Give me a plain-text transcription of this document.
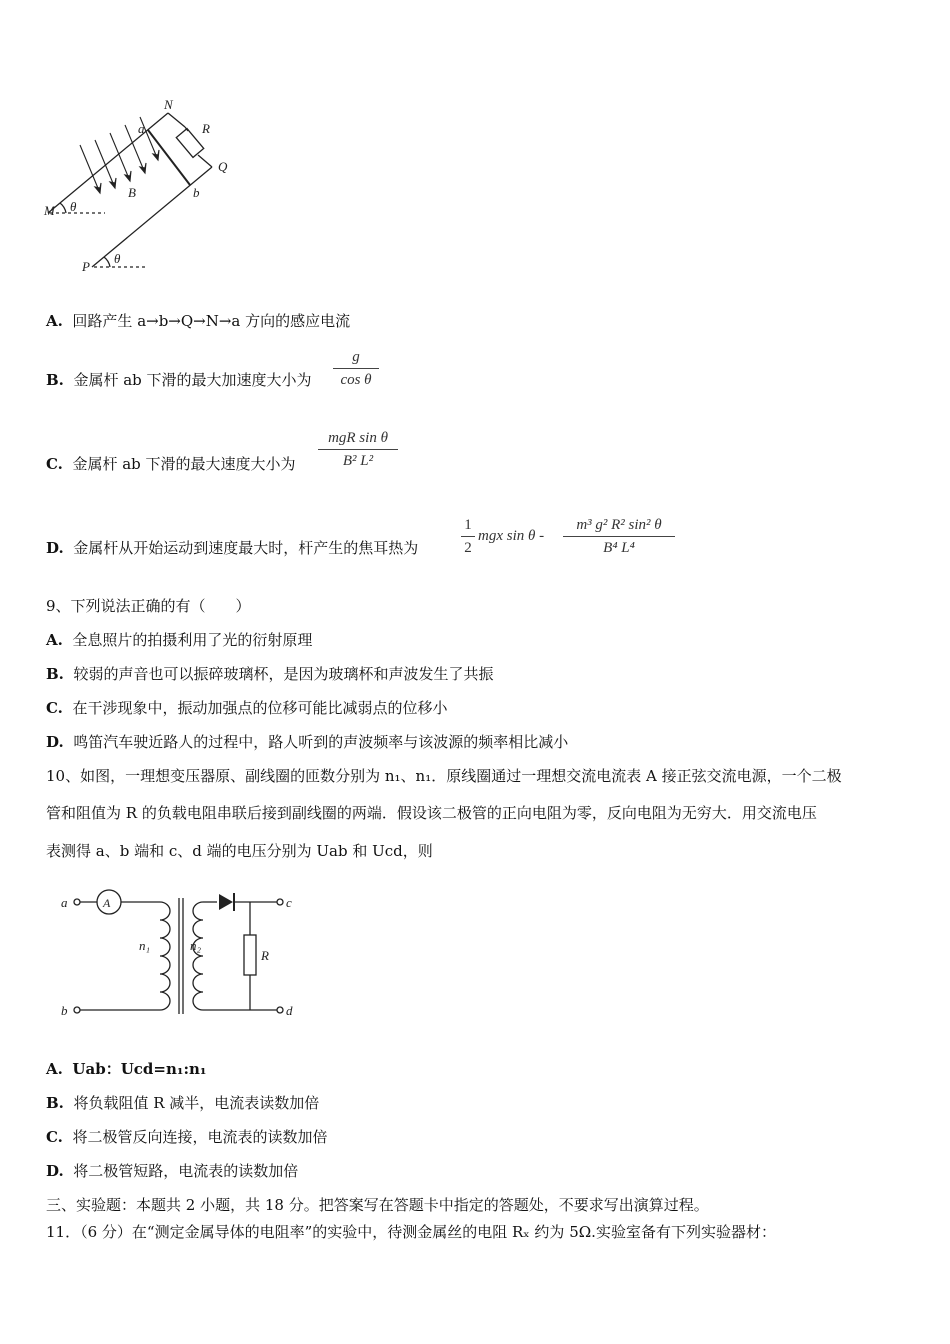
N
a	R
Q
B	b
M θ
P
θ
A. 回路产生 a→b→Q→N→a 方向的感应电流
B. 金属杆 ab 下滑的最大加速度大小为
g
cos θ
C. 金属杆 ab 下滑的最大速度大小为
mgR sin θ
B² L²
D. 金属杆从开始运动到速度最大时，杆产生的焦耳热为
1
2
mgx sin θ -
m³ g² R² sin² θ
B⁴ L⁴
9、下列说法正确的有（　　）
A. 全息照片的拍摄利用了光的衍射原理
B. 较弱的声音也可以振碎玻璃杯，是因为玻璃杯和声波发生了共振
C. 在干涉现象中，振动加强点的位移可能比减弱点的位移小
D. 鸣笛汽车驶近路人的过程中，路人听到的声波频率与该波源的频率相比减小
10、如图，一理想变压器原、副线圈的匝数分别为 n₁、n₁．原线圈通过一理想交流电流表 A 接正弦交流电源，一个二极
管和阻值为 R 的负载电阻串联后接到副线圈的两端．假设该二极管的正向电阻为零，反向电阻为无穷大．用交流电压
表测得 a、b 端和 c、d 端的电压分别为 Uab 和 Ucd，则
a
b
A
n₁	n₂
R
c
d
A. Uab：Ucd=n₁:n₁
B. 将负载阻值 R 减半，电流表读数加倍
C. 将二极管反向连接，电流表的读数加倍
D. 将二极管短路，电流表的读数加倍
三、实验题：本题共 2 小题，共 18 分。把答案写在答题卡中指定的答题处，不要求写出演算过程。
11．（6 分）在“测定金属导体的电阻率”的实验中，待测金属丝的电阻 Rₓ 约为 5Ω.实验室备有下列实验器材：
